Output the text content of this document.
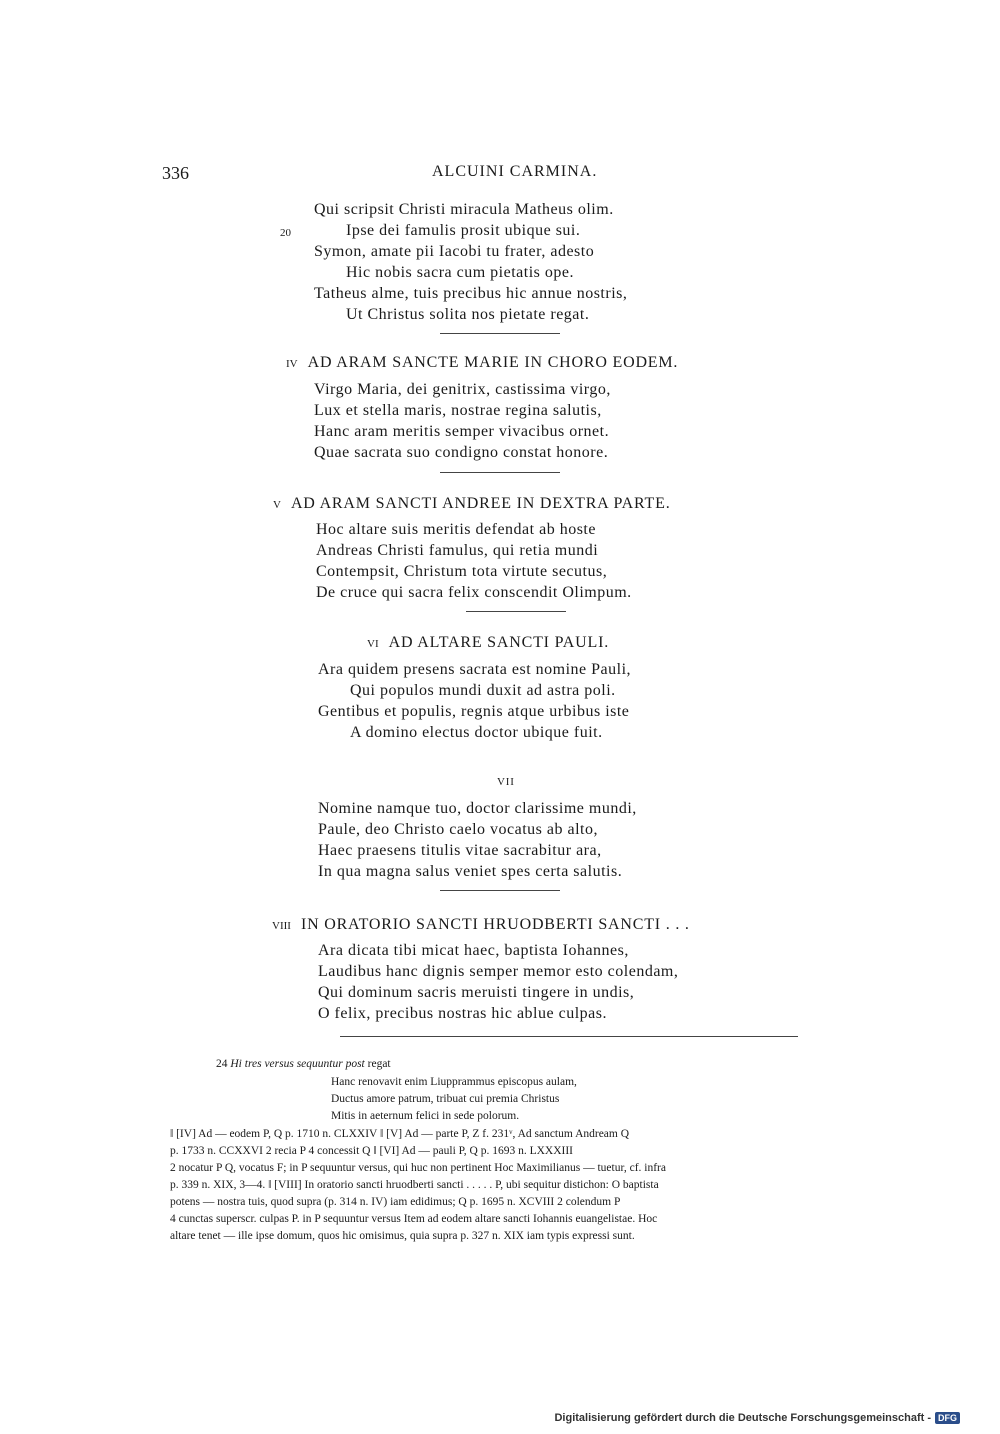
336	ALCUINI CARMINA.
20
Qui scripsit Christi miracula Matheus olim.
Ipse dei famulis prosit ubique sui.
Symon, amate pii Iacobi tu frater, adesto
Hic nobis sacra cum pietatis ope.
Tatheus alme, tuis precibus hic annue nostris,
Ut Christus solita nos pietate regat.
IV AD ARAM SANCTE MARIE IN CHORO EODEM.
Virgo Maria, dei genitrix, castissima virgo,
Lux et stella maris, nostrae regina salutis,
Hanc aram meritis semper vivacibus ornet.
Quae sacrata suo condigno constat honore.
V AD ARAM SANCTI ANDREE IN DEXTRA PARTE.
Hoc altare suis meritis defendat ab hoste
Andreas Christi famulus, qui retia mundi
Contempsit, Christum tota virtute secutus,
De cruce qui sacra felix conscendit Olimpum.
VI AD ALTARE SANCTI PAULI.
Ara quidem presens sacrata est nomine Pauli,
Qui populos mundi duxit ad astra poli.
Gentibus et populis, regnis atque urbibus iste
A domino electus doctor ubique fuit.
VII
Nomine namque tuo, doctor clarissime mundi,
Paule, deo Christo caelo vocatus ab alto,
Haec praesens titulis vitae sacrabitur ara,
In qua magna salus veniet spes certa salutis.
VIII IN ORATORIO SANCTI HRUODBERTI SANCTI . . .
Ara dicata tibi micat haec, baptista Iohannes,
Laudibus hanc dignis semper memor esto colendam,
Qui dominum sacris meruisti tingere in undis,
O felix, precibus nostras hic ablue culpas.
24 Hi tres versus sequuntur post regat
Hanc renovavit enim Liupprammus episcopus aulam,
Ductus amore patrum, tribuat cui premia Christus
Mitis in aeternum felici in sede polorum.
‖ [IV] Ad — eodem P, Q p. 1710 n. CLXXIV ‖ [V] Ad — parte P, Z f. 231ᵛ, Ad sanctum Andream Q
p. 1733 n. CCXXVI 2 recia P 4 concessit Q ‖ [VI] Ad — pauli P, Q p. 1693 n. LXXXIII
2 nocatur P Q, vocatus F; in P sequuntur versus, qui huc non pertinent Hoc Maximilianus — tuetur, cf. infra
p. 339 n. XIX, 3—4. ‖ [VIII] In oratorio sancti hruodberti sancti . . . . . P, ubi sequitur distichon: O baptista
potens — nostra tuis, quod supra (p. 314 n. IV) iam edidimus; Q p. 1695 n. XCVIII 2 colendum P
4 cunctas superscr. culpas P. in P sequuntur versus Item ad eodem altare sancti Iohannis euangelistae. Hoc
altare tenet — ille ipse domum, quos hic omisimus, quia supra p. 327 n. XIX iam typis expressi sunt.
Digitalisierung gefördert durch die Deutsche Forschungsgemeinschaft - DFG
